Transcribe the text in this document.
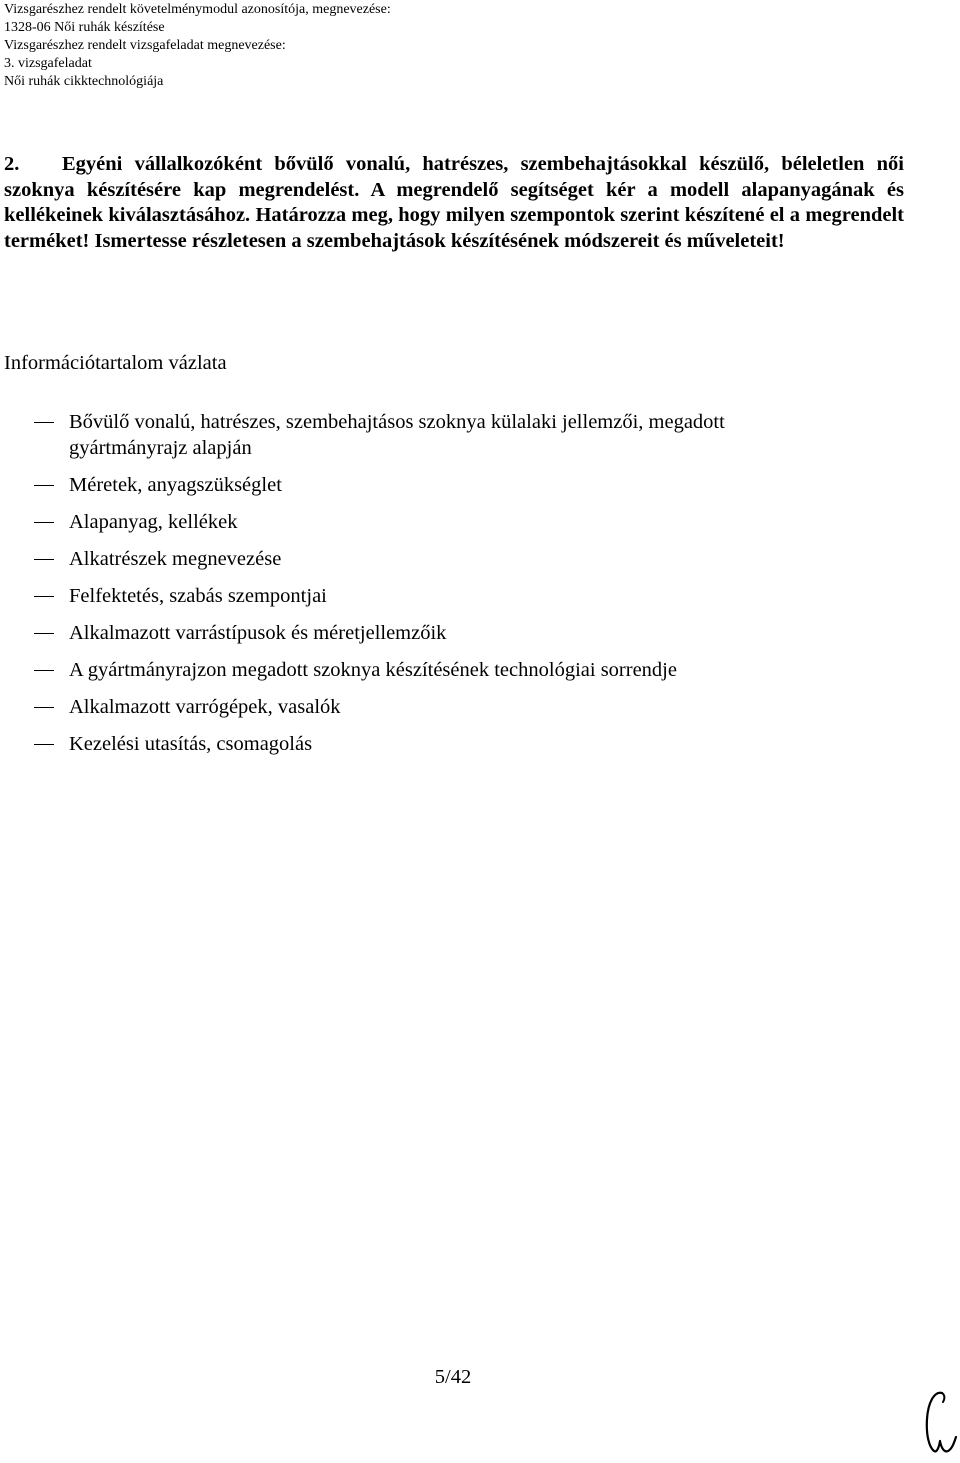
Vizsgarészhez rendelt követelménymodul azonosítója, megnevezése:
1328-06 Női ruhák készítése
Vizsgarészhez rendelt vizsgafeladat megnevezése:
3. vizsgafeladat
Női ruhák cikktechnológiája
2. Egyéni vállalkozóként bővülő vonalú, hatrészes, szembehajtásokkal készülő, béleletlen női szoknya készítésére kap megrendelést. A megrendelő segítséget kér a modell alapanyagának és kellékeinek kiválasztásához. Határozza meg, hogy milyen szempontok szerint készítené el a megrendelt terméket! Ismertesse részletesen a szembehajtások készítésének módszereit és műveleteit!
Információtartalom vázlata
Bővülő vonalú, hatrészes, szembehajtásos szoknya külalaki jellemzői, megadott gyártmányrajz alapján
Méretek, anyagszükséglet
Alapanyag, kellékek
Alkatrészek megnevezése
Felfektetés, szabás szempontjai
Alkalmazott varrástípusok és méretjellemzőik
A gyártmányrajzon megadott szoknya készítésének technológiai sorrendje
Alkalmazott varrógépek, vasalók
Kezelési utasítás, csomagolás
5/42
